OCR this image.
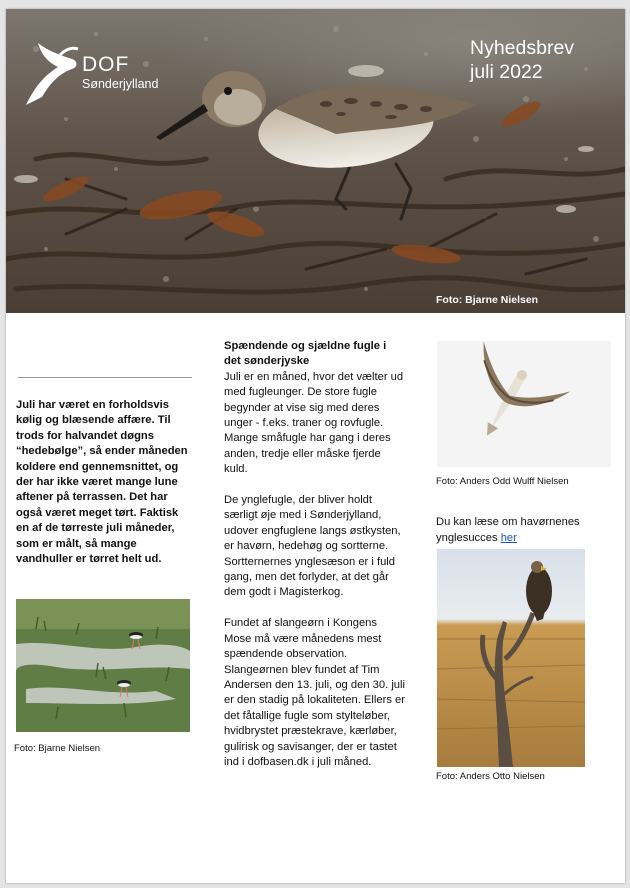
DOF
Sønderjylland
Nyhedsbrev
juli 2022
Foto: Bjarne Nielsen
Juli har været en forholdsvis kølig og blæsende affære. Til trods for halvandet døgns “hedebølge”, så ender måneden koldere end gennemsnittet, og der har ikke været mange lune aftener på terrassen. Det har også været meget tørt. Faktisk en af de tørreste juli måneder, som er målt, så mange vandhuller er tørret helt ud.
Foto: Bjarne Nielsen
Spændende og sjældne fugle i det sønderjyske

Juli er en måned, hvor det vælter ud med fugleunger. De store fugle begynder at vise sig med deres unger - f.eks. traner og rovfugle. Mange småfugle har gang i deres anden, tredje eller måske fjerde kuld.

De ynglefugle, der bliver holdt særligt øje med i Sønderjylland, udover engfuglene langs østkysten, er havørn, hedehøg og sortterne. Sortternernes ynglesæson er i fuld gang, men det forlyder, at det går dem godt i Magisterkog.

Fundet af slangeørn i Kongens Mose må være månedens mest spændende observation. Slangeørnen blev fundet af Tim Andersen den 13. juli, og den 30. juli er den stadig på lokaliteten. Ellers er det fåtallige fugle som stylteløber, hvidbrystet præstekrave, kærløber, gulirisk og savisanger, der er tastet ind i dofbasen.dk i juli måned.

Foto: Anders Odd Wulff Nielsen
Du kan læse om havørnenes ynglesucces her
Foto: Anders Otto Nielsen
